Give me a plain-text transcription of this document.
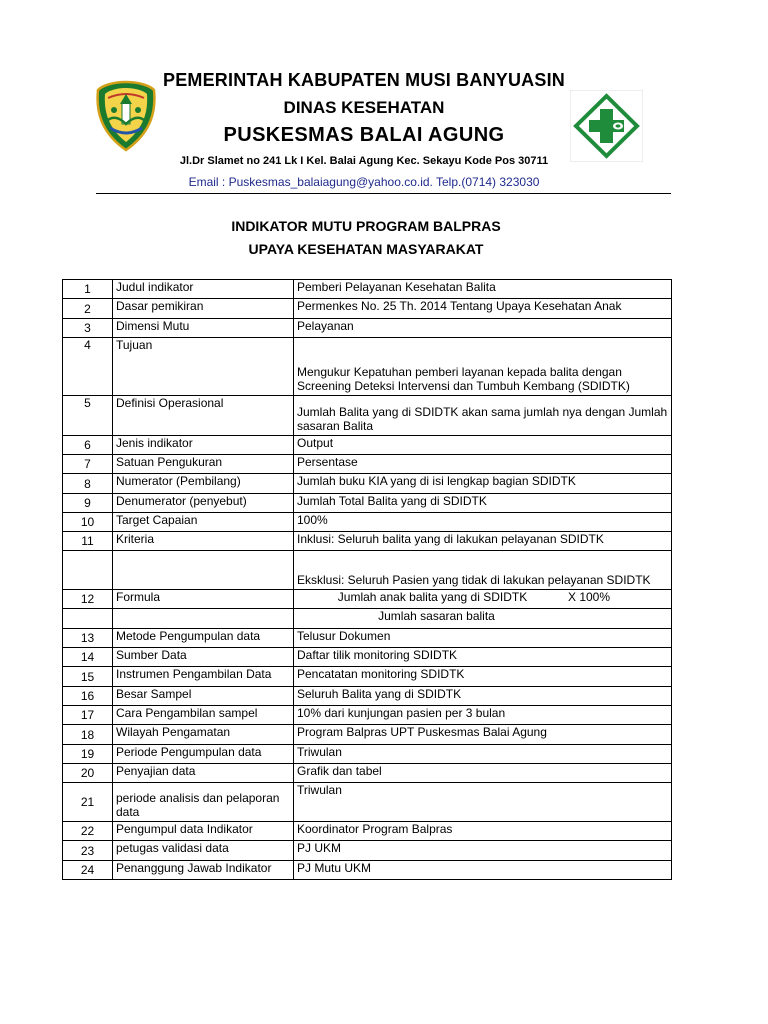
PEMERINTAH KABUPATEN MUSI BANYUASIN
DINAS KESEHATAN
PUSKESMAS BALAI AGUNG
Jl.Dr Slamet no 241 Lk I Kel. Balai Agung Kec. Sekayu Kode Pos 30711
Email : Puskesmas_balaiagung@yahoo.co.id. Telp.(0714) 323030
INDIKATOR MUTU PROGRAM BALPRAS
UPAYA KESEHATAN MASYARAKAT
1	Judul indikator	Pemberi Pelayanan Kesehatan Balita
2	Dasar pemikiran	Permenkes No. 25 Th. 2014 Tentang Upaya Kesehatan Anak
3	Dimensi Mutu	Pelayanan
4	Tujuan	Mengukur Kepatuhan pemberi layanan kepada balita dengan Screening Deteksi Intervensi dan Tumbuh Kembang (SDIDTK)
5	Definisi Operasional	Jumlah Balita yang di SDIDTK akan sama jumlah nya dengan Jumlah sasaran Balita
6	Jenis indikator	Output
7	Satuan Pengukuran	Persentase
8	Numerator (Pembilang)	Jumlah buku KIA yang di isi lengkap bagian SDIDTK
9	Denumerator (penyebut)	Jumlah Total Balita yang di SDIDTK
10	Target Capaian	100%
11	Kriteria	Inklusi: Seluruh balita yang di lakukan pelayanan SDIDTK
		Eksklusi: Seluruh Pasien yang tidak di lakukan pelayanan SDIDTK
12	Formula	Jumlah anak balita yang di SDIDTK X 100%

		Jumlah sasaran balita
13	Metode Pengumpulan data	Telusur Dokumen
14	Sumber Data	Daftar tilik monitoring SDIDTK
15	Instrumen Pengambilan Data	Pencatatan monitoring SDIDTK
16	Besar Sampel	Seluruh Balita yang di SDIDTK
17	Cara Pengambilan sampel	10% dari kunjungan pasien per 3 bulan
18	Wilayah Pengamatan	Program Balpras UPT Puskesmas Balai Agung
19	Periode Pengumpulan data	Triwulan
20	Penyajian data	Grafik dan tabel
21	periode analisis dan pelaporan data	Triwulan
22	Pengumpul data Indikator	Koordinator Program Balpras
23	petugas validasi data	PJ UKM
24	Penanggung Jawab Indikator	PJ Mutu UKM
